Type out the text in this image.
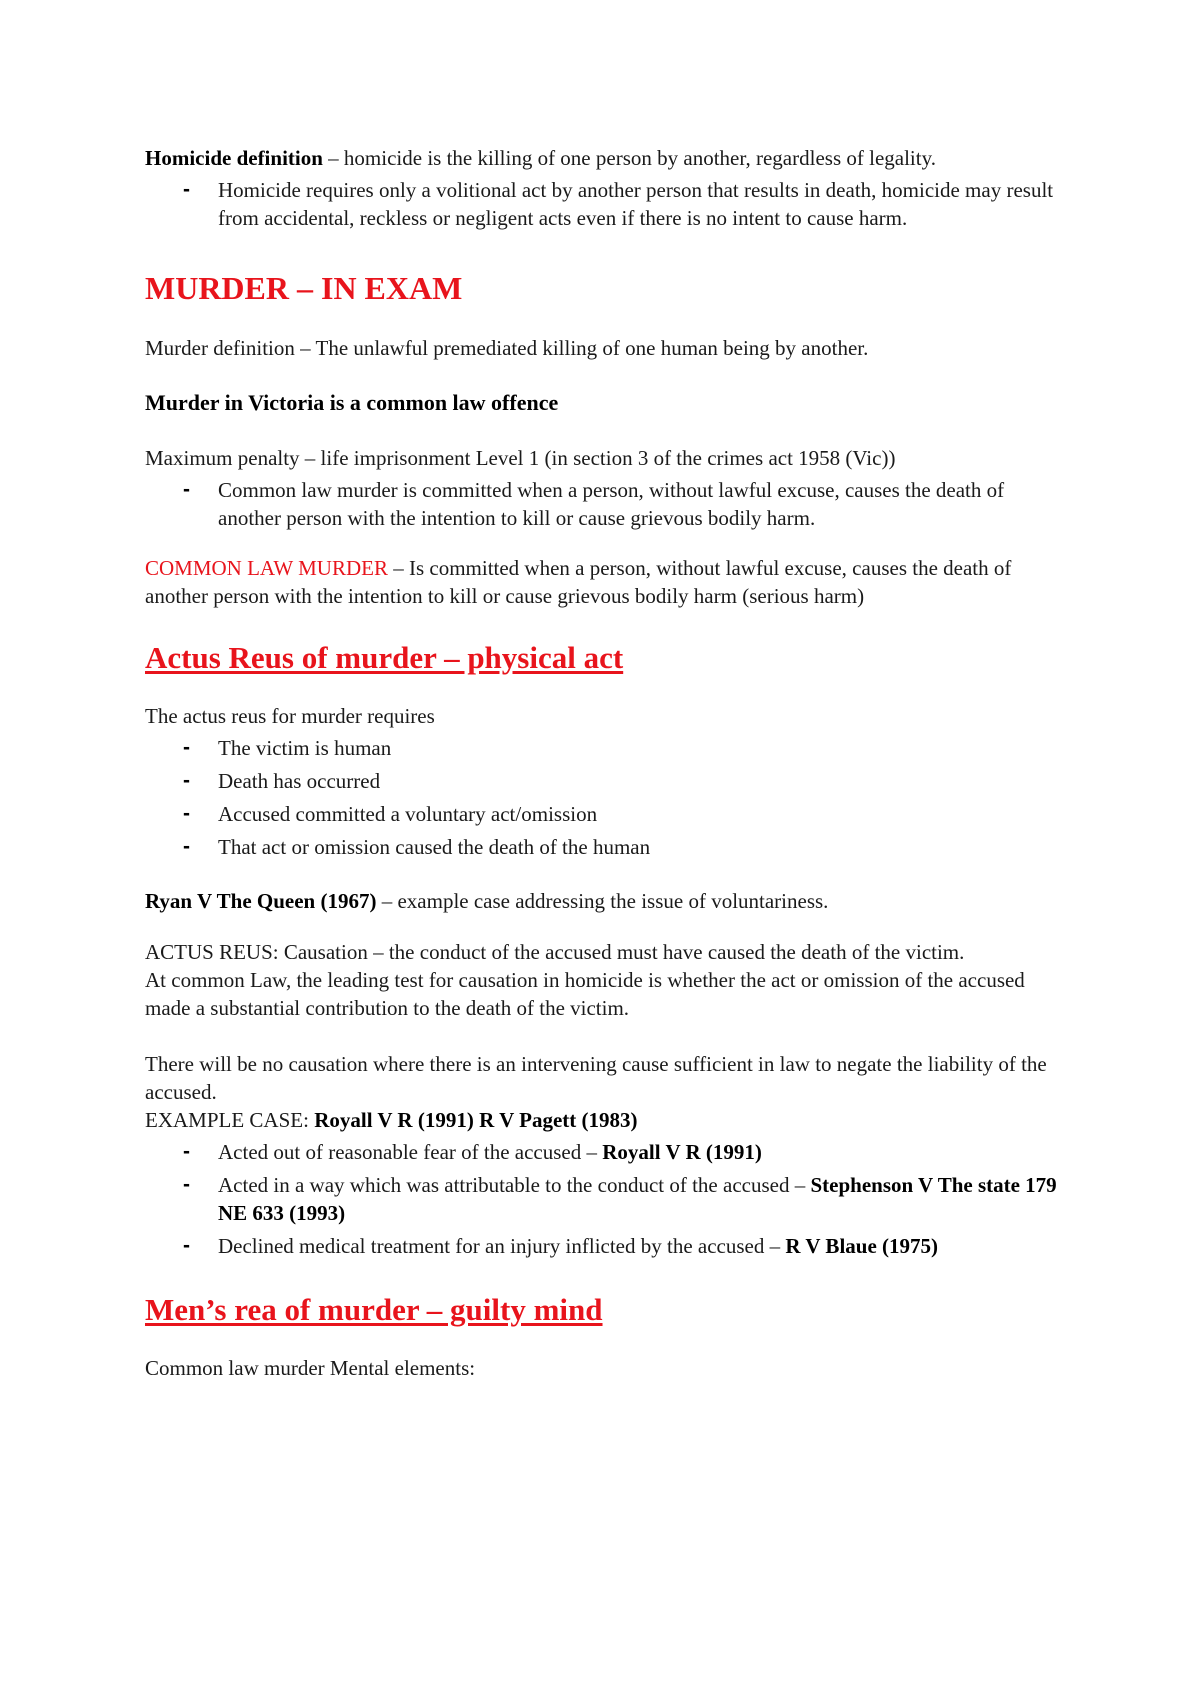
Homicide definition – homicide is the killing of one person by another, regardless of legality.

- Homicide requires only a volitional act by another person that results in death, homicide may result from accidental, reckless or negligent acts even if there is no intent to cause harm.
MURDER – IN EXAM

Murder definition – The unlawful premediated killing of one human being by another.

Murder in Victoria is a common law offence

Maximum penalty – life imprisonment Level 1 (in section 3 of the crimes act 1958 (Vic))

- Common law murder is committed when a person, without lawful excuse, causes the death of another person with the intention to kill or cause grievous bodily harm.

COMMON LAW MURDER – Is committed when a person, without lawful excuse, causes the death of another person with the intention to kill or cause grievous bodily harm (serious harm)

Actus Reus of murder – physical act

The actus reus for murder requires

- The victim is human
- Death has occurred
- Accused committed a voluntary act/omission
- That act or omission caused the death of the human

Ryan V The Queen (1967) – example case addressing the issue of voluntariness.

ACTUS REUS: Causation – the conduct of the accused must have caused the death of the victim.

At common Law, the leading test for causation in homicide is whether the act or omission of the accused made a substantial contribution to the death of the victim.

There will be no causation where there is an intervening cause sufficient in law to negate the liability of the accused.

EXAMPLE CASE: Royall V R (1991) R V Pagett (1983)

- Acted out of reasonable fear of the accused – Royall V R (1991)
- Acted in a way which was attributable to the conduct of the accused – Stephenson V The state 179 NE 633 (1993)
- Declined medical treatment for an injury inflicted by the accused – R V Blaue (1975)
Men’s rea of murder – guilty mind

Common law murder Mental elements:
